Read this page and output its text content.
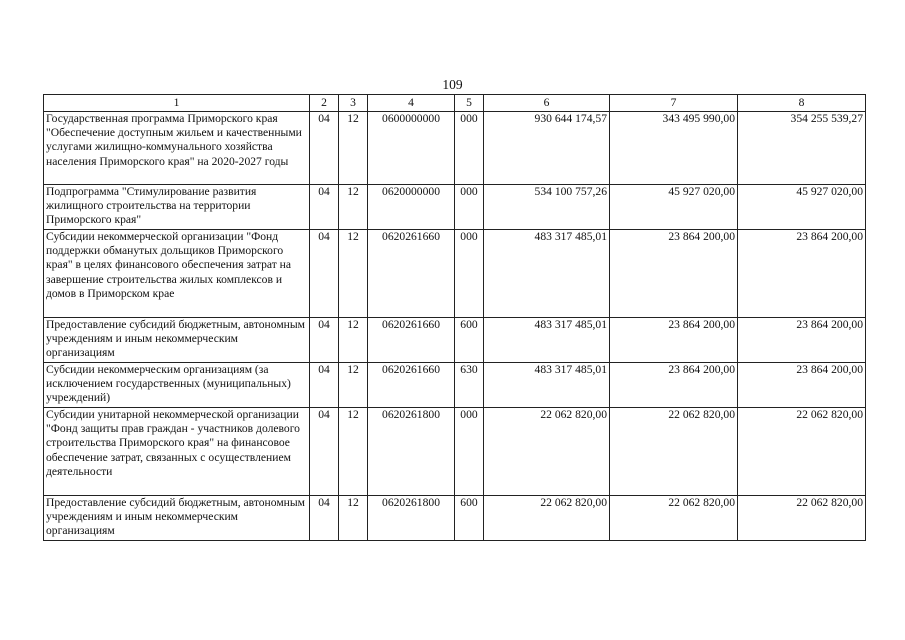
109
1	2	3	4	5	6	7	8
Государственная программа Приморского края "Обеспечение доступным жильем и качественными услугами жилищно-коммунального хозяйства населения Приморского края" на 2020-2027 годы	04	12	0600000000	000	930 644 174,57	343 495 990,00	354 255 539,27
Подпрограмма "Стимулирование развития жилищного строительства на территории Приморского края"	04	12	0620000000	000	534 100 757,26	45 927 020,00	45 927 020,00
Субсидии некоммерческой организации "Фонд поддержки обманутых дольщиков Приморского края" в целях финансового обеспечения затрат на завершение строительства жилых комплексов и домов в Приморском крае	04	12	0620261660	000	483 317 485,01	23 864 200,00	23 864 200,00
Предоставление субсидий бюджетным, автономным учреждениям и иным некоммерческим организациям	04	12	0620261660	600	483 317 485,01	23 864 200,00	23 864 200,00
Субсидии некоммерческим организациям (за исключением государственных (муниципальных) учреждений)	04	12	0620261660	630	483 317 485,01	23 864 200,00	23 864 200,00
Субсидии унитарной некоммерческой организации "Фонд защиты прав граждан - участников долевого строительства Приморского края" на финансовое обеспечение затрат, связанных с осуществлением деятельности	04	12	0620261800	000	22 062 820,00	22 062 820,00	22 062 820,00
Предоставление субсидий бюджетным, автономным учреждениям и иным некоммерческим организациям	04	12	0620261800	600	22 062 820,00	22 062 820,00	22 062 820,00
